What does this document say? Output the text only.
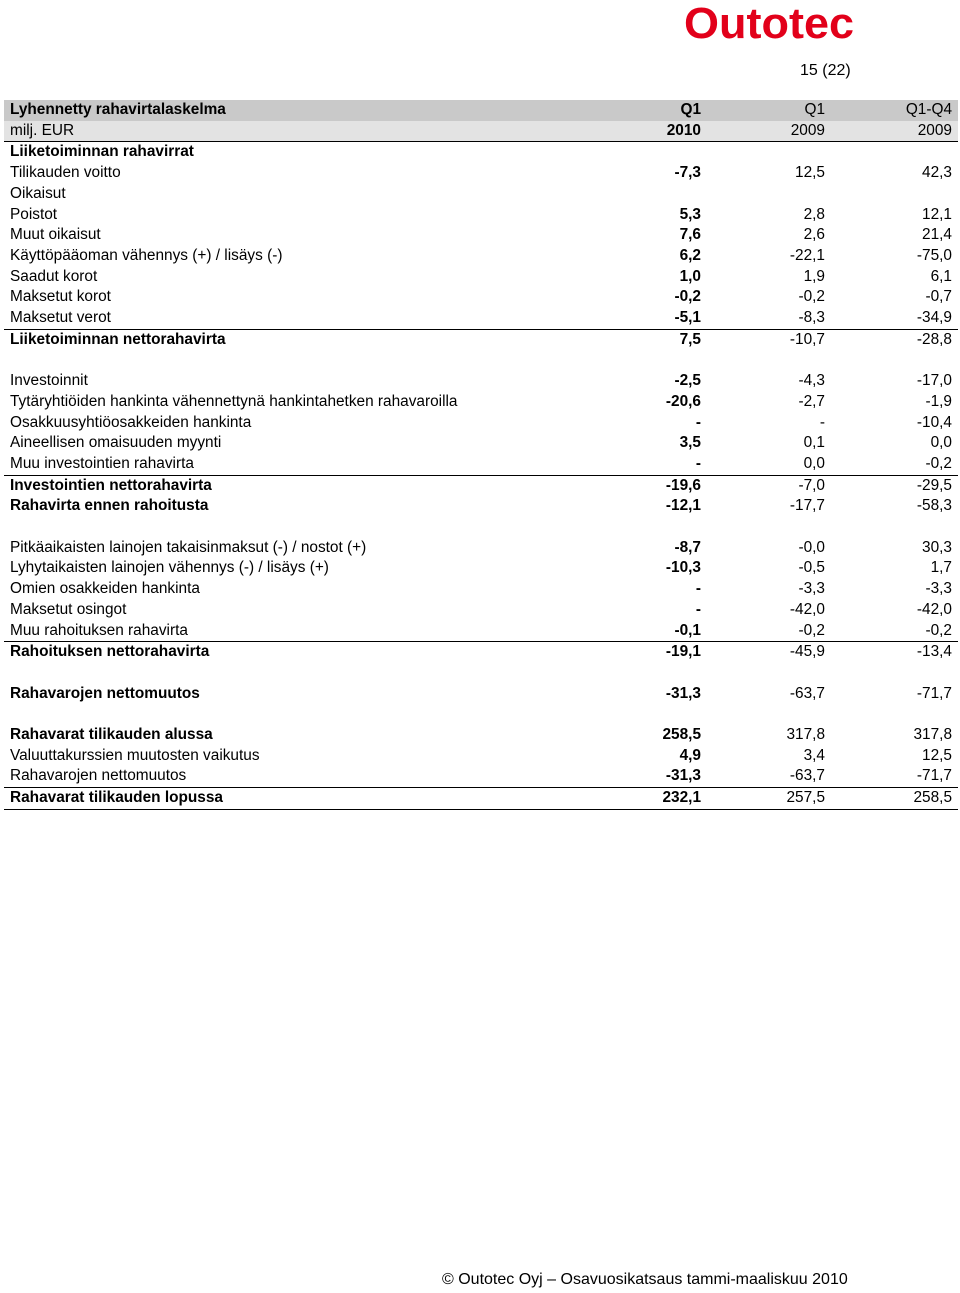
Outotec
15 (22)
Lyhennetty rahavirtalaskelma	Q1	Q1	Q1-Q4
milj. EUR	2010	2009	2009
Liiketoiminnan rahavirrat			
Tilikauden voitto	-7,3	12,5	42,3
Oikaisut			
Poistot	5,3	2,8	12,1
Muut oikaisut	7,6	2,6	21,4
Käyttöpääoman vähennys (+) / lisäys (-)	6,2	-22,1	-75,0
Saadut korot	1,0	1,9	6,1
Maksetut korot	-0,2	-0,2	-0,7
Maksetut verot	-5,1	-8,3	-34,9
Liiketoiminnan nettorahavirta	7,5	-10,7	-28,8

Investoinnit	-2,5	-4,3	-17,0
Tytäryhtiöiden hankinta vähennettynä hankintahetken rahavaroilla	-20,6	-2,7	-1,9
Osakkuusyhtiöosakkeiden hankinta	-	-	-10,4
Aineellisen omaisuuden myynti	3,5	0,1	0,0
Muu investointien rahavirta	-	0,0	-0,2
Investointien nettorahavirta	-19,6	-7,0	-29,5
Rahavirta ennen rahoitusta	-12,1	-17,7	-58,3

Pitkäaikaisten lainojen takaisinmaksut (-) / nostot (+)	-8,7	-0,0	30,3
Lyhytaikaisten lainojen vähennys (-) / lisäys (+)	-10,3	-0,5	1,7
Omien osakkeiden hankinta	-	-3,3	-3,3
Maksetut osingot	-	-42,0	-42,0
Muu rahoituksen rahavirta	-0,1	-0,2	-0,2
Rahoituksen nettorahavirta	-19,1	-45,9	-13,4

Rahavarojen nettomuutos	-31,3	-63,7	-71,7

Rahavarat tilikauden alussa	258,5	317,8	317,8
Valuuttakurssien muutosten vaikutus	4,9	3,4	12,5
Rahavarojen nettomuutos	-31,3	-63,7	-71,7
Rahavarat tilikauden lopussa	232,1	257,5	258,5
© Outotec Oyj – Osavuosikatsaus tammi-maaliskuu 2010
